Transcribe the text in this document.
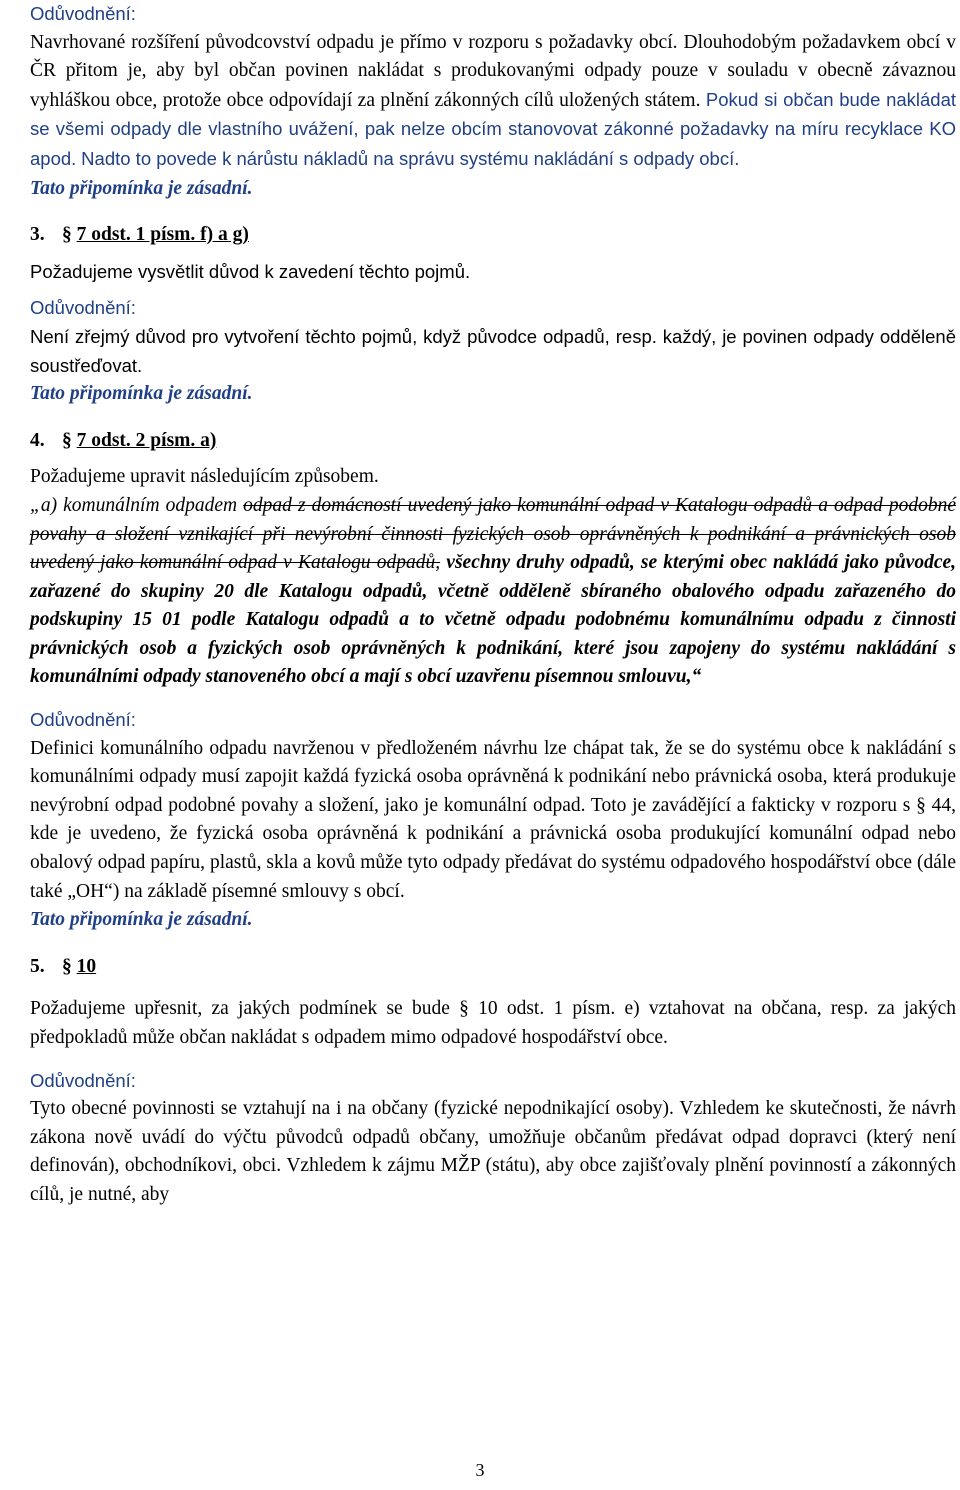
Odůvodnění:

Navrhované rozšíření původcovství odpadu je přímo v rozporu s požadavky obcí. Dlouhodobým požadavkem obcí v ČR přitom je, aby byl občan povinen nakládat s produkovanými odpady pouze v souladu v obecně závaznou vyhláškou obce, protože obce odpovídají za plnění zákonných cílů uložených státem. Pokud si občan bude nakládat se všemi odpady dle vlastního uvážení, pak nelze obcím stanovovat zákonné požadavky na míru recyklace KO apod. Nadto to povede k nárůstu nákladů na správu systému nakládání s odpady obcí.

Tato připomínka je zásadní.

3. § 7 odst. 1 písm. f) a g)

Požadujeme vysvětlit důvod k zavedení těchto pojmů.

Odůvodnění:

Není zřejmý důvod pro vytvoření těchto pojmů, když původce odpadů, resp. každý, je povinen odpady odděleně soustřeďovat.

Tato připomínka je zásadní.

4. § 7 odst. 2 písm. a)

Požadujeme upravit následujícím způsobem.

„a) komunálním odpadem odpad z domácností uvedený jako komunální odpad v Katalogu odpadů a odpad podobné povahy a složení vznikající při nevýrobní činnosti fyzických osob oprávněných k podnikání a právnických osob uvedený jako komunální odpad v Katalogu odpadů, všechny druhy odpadů, se kterými obec nakládá jako původce, zařazené do skupiny 20 dle Katalogu odpadů, včetně odděleně sbíraného obalového odpadu zařazeného do podskupiny 15 01 podle Katalogu odpadů a to včetně odpadu podobnému komunálnímu odpadu z činnosti právnických osob a fyzických osob oprávněných k podnikání, které jsou zapojeny do systému nakládání s komunálními odpady stanoveného obcí a mají s obcí uzavřenu písemnou smlouvu,“

Odůvodnění:

Definici komunálního odpadu navrženou v předloženém návrhu lze chápat tak, že se do systému obce k nakládání s komunálními odpady musí zapojit každá fyzická osoba oprávněná k podnikání nebo právnická osoba, která produkuje nevýrobní odpad podobné povahy a složení, jako je komunální odpad. Toto je zavádějící a fakticky v rozporu s § 44, kde je uvedeno, že fyzická osoba oprávněná k podnikání a právnická osoba produkující komunální odpad nebo obalový odpad papíru, plastů, skla a kovů může tyto odpady předávat do systému odpadového hospodářství obce (dále také „OH“) na základě písemné smlouvy s obcí.

Tato připomínka je zásadní.

5. § 10

Požadujeme upřesnit, za jakých podmínek se bude § 10 odst. 1 písm. e) vztahovat na občana, resp. za jakých předpokladů může občan nakládat s odpadem mimo odpadové hospodářství obce.

Odůvodnění:

Tyto obecné povinnosti se vztahují na i na občany (fyzické nepodnikající osoby). Vzhledem ke skutečnosti, že návrh zákona nově uvádí do výčtu původců odpadů občany, umožňuje občanům předávat odpad dopravci (který není definován), obchodníkovi, obci. Vzhledem k zájmu MŽP (státu), aby obce zajišťovaly plnění povinností a zákonných cílů, je nutné, aby

3
